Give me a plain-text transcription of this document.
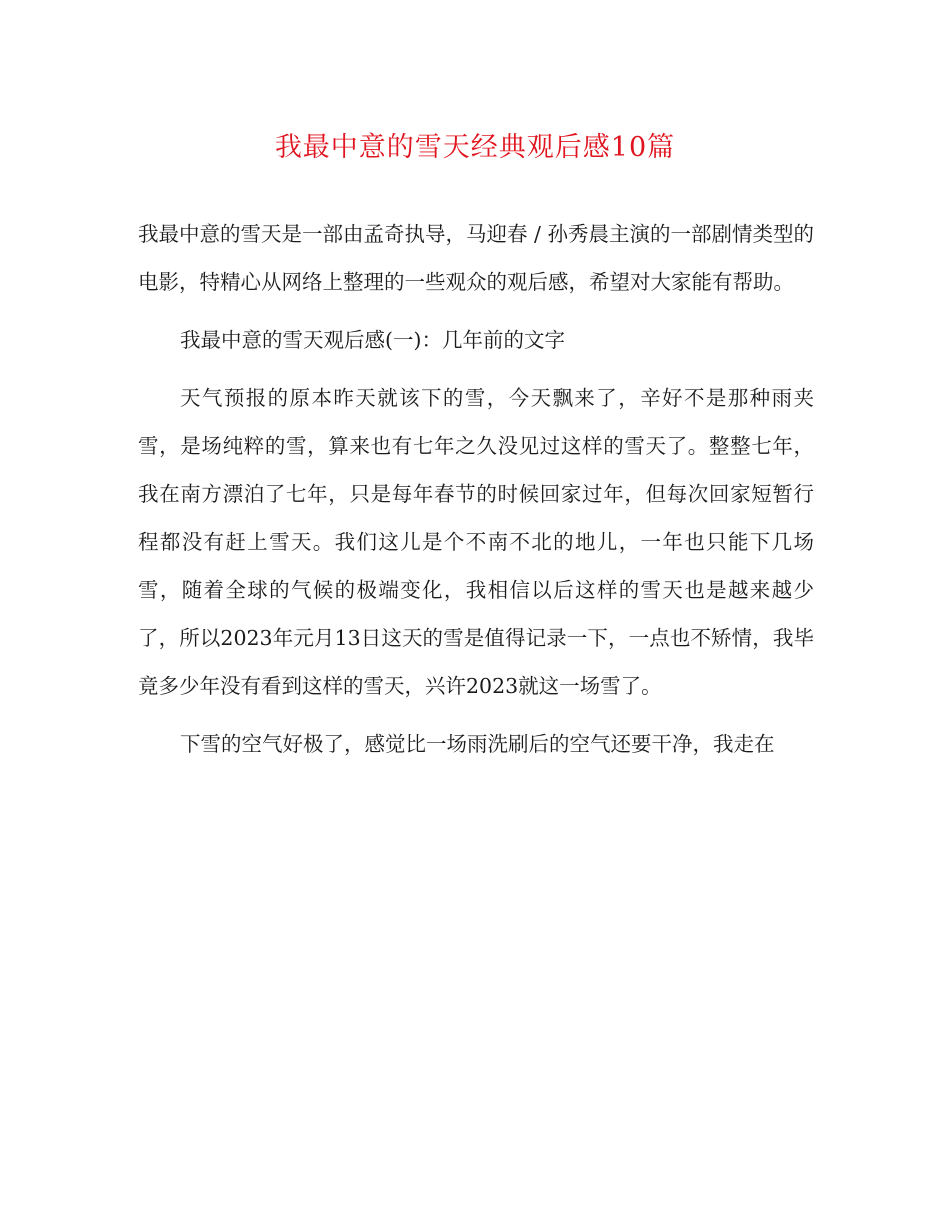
我最中意的雪天经典观后感10篇

我最中意的雪天是一部由孟奇执导，马迎春 / 孙秀晨主演的一部剧情类型的电影，特精心从网络上整理的一些观众的观后感，希望对大家能有帮助。

我最中意的雪天观后感(一)：几年前的文字

天气预报的原本昨天就该下的雪，今天飘来了，辛好不是那种雨夹雪，是场纯粹的雪，算来也有七年之久没见过这样的雪天了。整整七年，我在南方漂泊了七年，只是每年春节的时候回家过年，但每次回家短暂行程都没有赶上雪天。我们这儿是个不南不北的地儿，一年也只能下几场雪，随着全球的气候的极端变化，我相信以后这样的雪天也是越来越少了，所以2023年元月13日这天的雪是值得记录一下，一点也不矫情，我毕竟多少年没有看到这样的雪天，兴许2023就这一场雪了。

下雪的空气好极了，感觉比一场雨洗刷后的空气还要干净，我走在
